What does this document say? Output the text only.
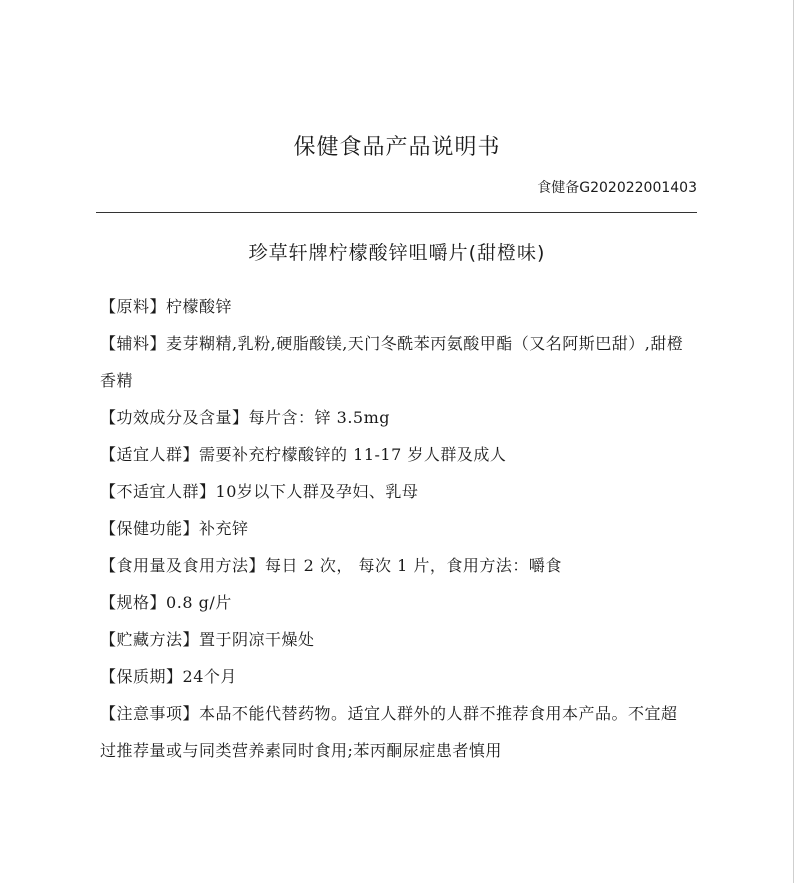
保健食品产品说明书
食健备G202022001403
珍草轩牌柠檬酸锌咀嚼片(甜橙味)
【 原料 】 柠檬酸锌
【 辅料 】 麦芽糊精,乳粉,硬脂酸镁,天门冬酰苯丙氨酸甲酯（又名阿斯巴甜）,甜橙香精
【 功效成分及含量 】 每片含：锌 3.5mg
【 适宜人群 】 需要补充柠檬酸锌的 11-17 岁人群及成人
【 不适宜人群 】 10岁以下人群及孕妇、乳母
【 保健功能 】 补充锌
【 食用量及食用方法 】 每日 2 次， 每次 1 片，食用方法：嚼食
【 规格 】 0.8 g/片
【 贮藏方法 】 置于阴凉干燥处
【 保质期 】 24个月
【 注意事项 】 本品不能代替药物。适宜人群外的人群不推荐食用本产品。不宜超过推荐量或与同类营养素同时食用;苯丙酮尿症患者慎用
